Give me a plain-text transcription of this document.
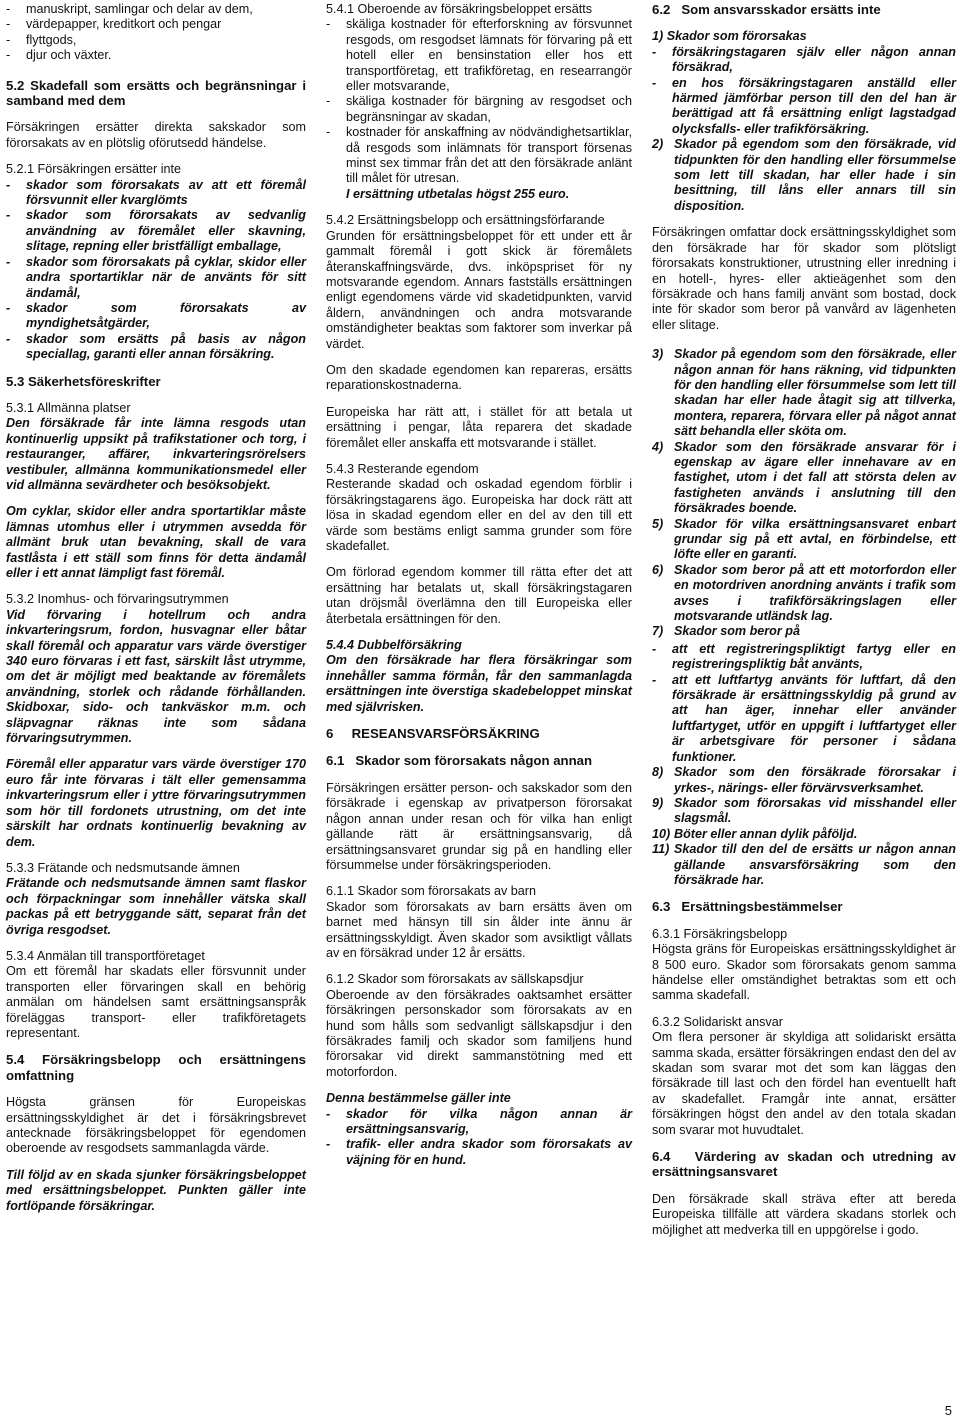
- manuskript, samlingar och delar av dem,
- värdepapper, kreditkort och pengar
- flyttgods,
- djur och växter.

5.2 Skadefall som ersätts och begränsningar i samband med dem

Försäkringen ersätter direkta sakskador som förorsakats av en plötslig oförutsedd händelse.

5.2.1 Försäkringen ersätter inte

- skador som förorsakats av att ett föremål försvunnit eller kvarglömts
- skador som förorsakats av sedvanlig användning av föremålet eller skavning, slitage, repning eller bristfälligt emballage,
- skador som förorsakats på cyklar, skidor eller andra sportartiklar när de använts för sitt ändamål,
- skador som förorsakats av myndighetsåtgärder,
- skador som ersätts på basis av någon speciallag, garanti eller annan försäkring.

5.3 Säkerhetsföreskrifter

5.3.1 Allmänna platser

Den försäkrade får inte lämna resgods utan kontinuerlig uppsikt på trafikstationer och torg, i restauranger, affärer, inkvarteringsrörelsers vestibuler, allmänna kommunikationsmedel eller vid allmänna sevärdheter och besöksobjekt.

Om cyklar, skidor eller andra sportartiklar måste lämnas utomhus eller i utrymmen avsedda för allmänt bruk utan bevakning, skall de vara fastlåsta i ett ställ som finns för detta ändamål eller i ett annat lämpligt fast föremål.

5.3.2 Inomhus- och förvaringsutrymmen

Vid förvaring i hotellrum och andra inkvarteringsrum, fordon, husvagnar eller båtar skall föremål och apparatur vars värde överstiger 340 euro förvaras i ett fast, särskilt låst utrymme, om det är möjligt med beaktande av föremålets användning, storlek och rådande förhållanden. Skidboxar, sido- och tankväskor m.m. och släpvagnar räknas inte som sådana förvaringsutrymmen.

Föremål eller apparatur vars värde överstiger 170 euro får inte förvaras i tält eller gemensamma inkvarteringsrum eller i yttre förvaringsutrymmen som hör till fordonets utrustning, om det inte särskilt har ordnats kontinuerlig bevakning av dem.

5.3.3 Frätande och nedsmutsande ämnen

Frätande och nedsmutsande ämnen samt flaskor och förpackningar som innehåller vätska skall packas på ett betryggande sätt, separat från det övriga resgodset.

5.3.4 Anmälan till transportföretaget

Om ett föremål har skadats eller försvunnit under transporten eller förvaringen skall en behörig anmälan om händelsen samt ersättningsanspråk föreläggas transport- eller trafikföretagets representant.

5.4 Försäkringsbelopp och ersättningens omfattning

Högsta gränsen för Europeiskas ersättningsskyldighet är det i försäkringsbrevet antecknade försäkringsbeloppet för egendomen oberoende av resgodsets sammanlagda värde.

Till följd av en skada sjunker försäkringsbeloppet med ersättningsbeloppet. Punkten gäller inte fortlöpande försäkringar.

5.4.1 Oberoende av försäkringsbeloppet ersätts

- skäliga kostnader för efterforskning av försvunnet resgods, om resgodset lämnats för förvaring på ett hotell eller en bensinstation eller hos ett transportföretag, ett trafikföretag, en researrangör eller motsvarande,
- skäliga kostnader för bärgning av resgodset och begränsningar av skadan,
- kostnader för anskaffning av nödvändighetsartiklar, då resgods som inlämnats för transport försenas minst sex timmar från det att den försäkrade anlänt till målet för utresan.

I ersättning utbetalas högst 255 euro.

5.4.2 Ersättningsbelopp och ersättningsförfarande

Grunden för ersättningsbeloppet för ett under ett år gammalt föremål i gott skick är föremålets återanskaffningsvärde, dvs. inköpspriset för ny motsvarande egendom. Annars fastställs ersättningen enligt egendomens värde vid skadetidpunkten, varvid åldern, användningen och andra motsvarande omständigheter beaktas som faktorer som inverkar på värdet.

Om den skadade egendomen kan repareras, ersätts reparationskostnaderna.

Europeiska har rätt att, i stället för att betala ut ersättning i pengar, låta reparera det skadade föremålet eller anskaffa ett motsvarande i stället.

5.4.3 Resterande egendom

Resterande skadad och oskadad egendom förblir i försäkringstagarens ägo. Europeiska har dock rätt att lösa in skadad egendom eller en del av den till ett värde som bestäms enligt samma grunder som före skadefallet.

Om förlorad egendom kommer till rätta efter det att ersättning har betalats ut, skall försäkringstagaren utan dröjsmål överlämna den till Europeiska eller återbetala ersättningen för den.

5.4.4 Dubbelförsäkring

Om den försäkrade har flera försäkringar som innehåller samma förmån, får den sammanlagda ersättningen inte överstiga skadebeloppet minskat med självrisken.

6     RESEANSVARSFÖRSÄKRING

6.1   Skador som förorsakats någon annan

Försäkringen ersätter person- och sakskador som den försäkrade i egenskap av privatperson förorsakat någon annan under resan och för vilka han enligt gällande rätt är ersättningsansvarig, då ersättningsansvaret grundar sig på en handling eller försummelse under försäkringsperioden.

6.1.1 Skador som förorsakats av barn

Skador som förorsakats av barn ersätts även om barnet med hänsyn till sin ålder inte ännu är ersättningsskyldigt. Även skador som avsiktligt vållats av en försäkrad under 12 år ersätts.

6.1.2 Skador som förorsakats av sällskapsdjur

Oberoende av den försäkrades oaktsamhet ersätter försäkringen personskador som förorsakats av en hund som hålls som sedvanligt sällskapsdjur i den försäkrades familj och skador som familjens hund förorsakar vid direkt sammanstötning med ett motorfordon.

Denna bestämmelse gäller inte

- skador för vilka någon annan är ersättningsansvarig,
- trafik- eller andra skador som förorsakats av väjning för en hund.

6.2   Som ansvarsskador ersätts inte

1) Skador som förorsakas

- försäkringstagaren själv eller någon annan försäkrad,
- en hos försäkringstagaren anställd eller härmed jämförbar person till den del han är berättigad att få ersättning enligt lagstadgad olycksfalls- eller trafikförsäkring.
2) Skador på egendom som den försäkrade, vid tidpunkten för den handling eller försummelse som lett till skadan, har eller hade i sin besittning, till låns eller annars till sin disposition.

Försäkringen omfattar dock ersättningsskyldighet som den försäkrade har för skador som plötsligt förorsakats konstruktioner, utrustning eller inredning i en hotell-, hyres- eller aktieägenhet som den försäkrade och hans familj använt som bostad, dock inte för skador som beror på vanvård av lägenheten eller slitage.

3) Skador på egendom som den försäkrade, eller någon annan för hans räkning, vid tidpunkten för den handling eller försummelse som lett till skadan har eller hade åtagit sig att tillverka, montera, reparera, förvara eller på något annat sätt behandla eller sköta om.
4) Skador som den försäkrade ansvarar för i egenskap av ägare eller innehavare av en fastighet, utom i det fall att största delen av fastigheten används i anslutning till den försäkrades boende.
5) Skador för vilka ersättningsansvaret enbart grundar sig på ett avtal, en förbindelse, ett löfte eller en garanti.
6) Skador som beror på att ett motorfordon eller en motordriven anordning använts i trafik som avses i trafikförsäkringslagen eller motsvarande utländsk lag.
7) Skador som beror på
- att ett registreringspliktigt fartyg eller en registreringspliktig båt använts,
- att ett luftfartyg använts för luftfart, då den försäkrade är ersättningsskyldig på grund av att han äger, innehar eller använder luftfartyget, utför en uppgift i luftfartyget eller är arbetsgivare för personer i sådana funktioner.
8) Skador som den försäkrade förorsakar i yrkes-, närings- eller förvärvsverksamhet.
9) Skador som förorsakas vid misshandel eller slagsmål.
10) Böter eller annan dylik påföljd.
11) Skador till den del de ersätts ur någon annan gällande ansvarsförsäkring som den försäkrade har.

6.3   Ersättningsbestämmelser

6.3.1 Försäkringsbelopp

Högsta gräns för Europeiskas ersättningsskyldighet är 8 500 euro. Skador som förorsakats genom samma händelse eller omständighet betraktas som ett och samma skadefall.

6.3.2 Solidariskt ansvar

Om flera personer är skyldiga att solidariskt ersätta samma skada, ersätter försäkringen endast den del av skadan som svarar mot det som kan läggas den försäkrade till last och den fördel han eventuellt haft av skadefallet. Framgår inte annat, ersätter försäkringen högst den andel av den totala skadan som svarar mot huvudtalet.

6.4   Värdering av skadan och utredning av ersättningsansvaret

Den försäkrade skall sträva efter att bereda Europeiska tillfälle att värdera skadans storlek och möjlighet att medverka till en uppgörelse i godo.

5
